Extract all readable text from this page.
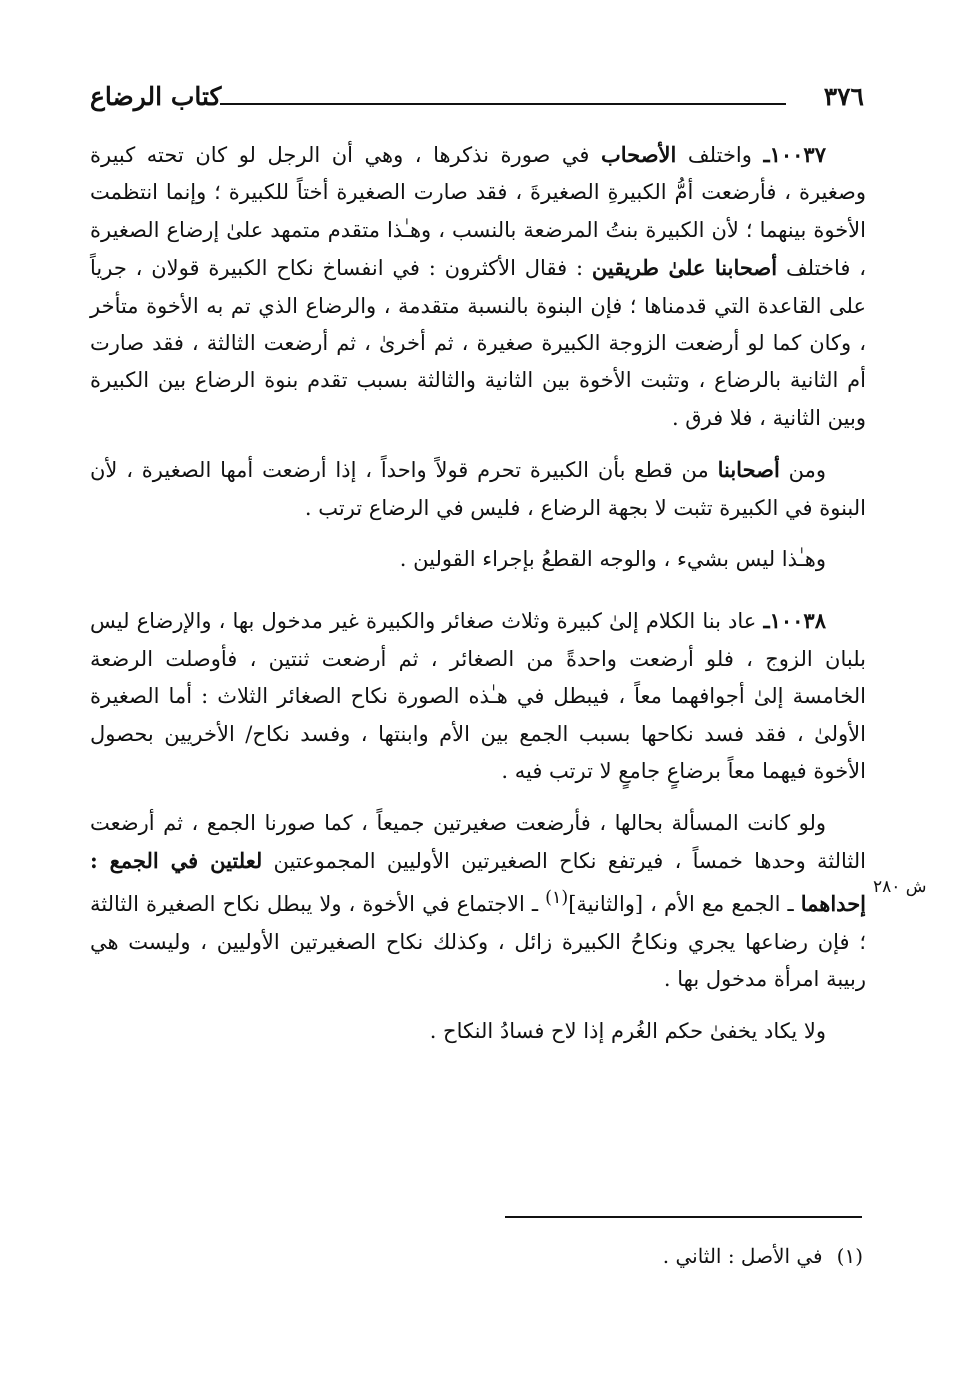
٣٧٦
كتاب الرضاع

١٠٠٣٧ـ واختلف الأصحاب في صورة نذكرها ، وهي أن الرجل لو كان تحته كبيرة وصغيرة ، فأرضعت أمُّ الكبيرةِ الصغيرةَ ، فقد صارت الصغيرة أختاً للكبيرة ؛ وإنما انتظمت الأخوة بينهما ؛ لأن الكبيرة بنتُ المرضعة بالنسب ، وهـٰذا متقدم متمهد علىٰ إرضاع الصغيرة ، فاختلف أصحابنا علىٰ طريقين : فقال الأكثرون : في انفساخ نكاح الكبيرة قولان ، جرياً على القاعدة التي قدمناها ؛ فإن البنوة بالنسبة متقدمة ، والرضاع الذي تم به الأخوة متأخر ، وكان كما لو أرضعت الزوجة الكبيرة صغيرة ، ثم أخرىٰ ، ثم أرضعت الثالثة ، فقد صارت أم الثانية بالرضاع ، وتثبت الأخوة بين الثانية والثالثة بسبب تقدم بنوة الرضاع بين الكبيرة وبين الثانية ، فلا فرق .

ومن أصحابنا من قطع بأن الكبيرة تحرم قولاً واحداً ، إذا أرضعت أمها الصغيرة ، لأن البنوة في الكبيرة تثبت لا بجهة الرضاع ، فليس في الرضاع ترتب .

وهـٰذا ليس بشيء ، والوجه القطعُ بإجراء القولين .

١٠٠٣٨ـ عاد بنا الكلام إلىٰ كبيرة وثلاث صغائر والكبيرة غير مدخول بها ، والإرضاع ليس بلبان الزوج ، فلو أرضعت واحدةً من الصغائر ، ثم أرضعت ثنتين ، فأوصلت الرضعة الخامسة إلىٰ أجوافهما معاً ، فيبطل في هـٰذه الصورة نكاح الصغائر الثلاث : أما الصغيرة الأولىٰ ، فقد فسد نكاحها بسبب الجمع بين الأم وابنتها ، وفسد نكاح/ الأخريين بحصول الأخوة فيهما معاً برضاعٍ جامعٍ لا ترتب فيه .

ولو كانت المسألة بحالها ، فأرضعت صغيرتين جميعاً ، كما صورنا الجمع ، ثم أرضعت الثالثة وحدها خمساً ، فيرتفع نكاح الصغيرتين الأوليين المجموعتين لعلتين في الجمع : إحداهما ـ الجمع مع الأم ، [والثانية]$^{(١)}$ ـ الاجتماع في الأخوة ، ولا يبطل نكاح الصغيرة الثالثة ؛ فإن رضاعها يجري ونكاحُ الكبيرة زائل ، وكذلك نكاح الصغيرتين الأوليين ، وليست هي ربيبة امرأة مدخول بها .

ولا يكاد يخفىٰ حكم الغُرم إذا لاح فسادُ النكاح .

ش ٢٨٠
(١)في الأصل : الثاني .
